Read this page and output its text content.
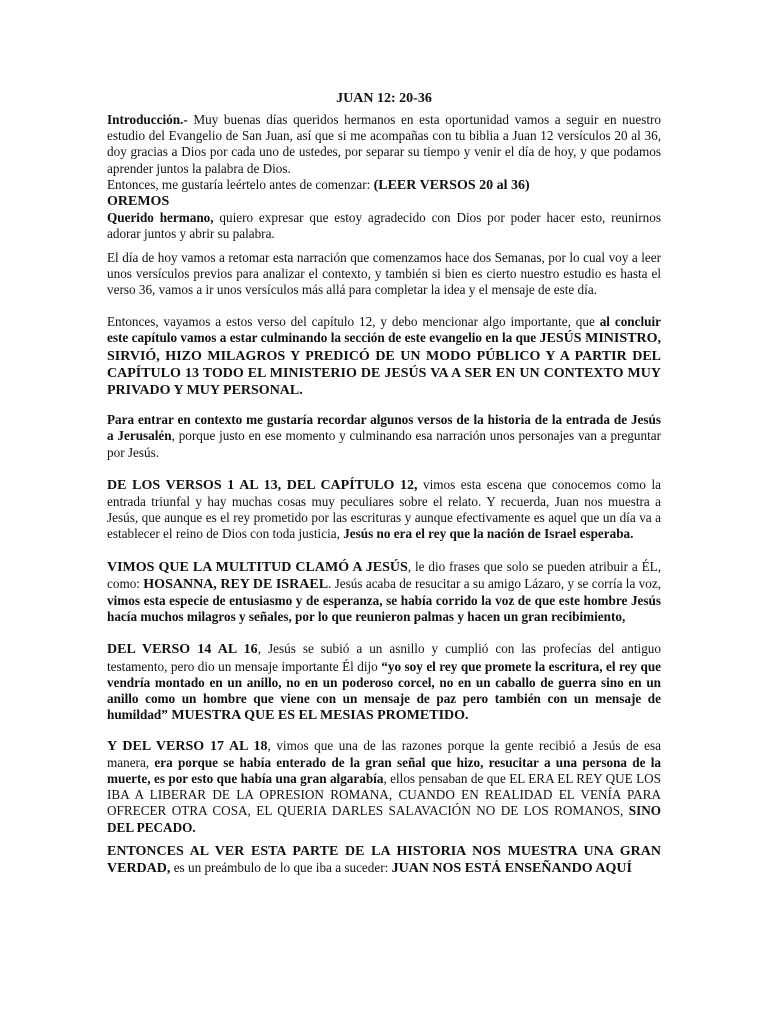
JUAN 12: 20-36

Introducción.- Muy buenas días queridos hermanos en esta oportunidad vamos a seguir en nuestro estudio del Evangelio de San Juan, así que si me acompañas con tu biblia a Juan 12 versículos 20 al 36, doy gracias a Dios por cada uno de ustedes, por separar su tiempo y venir el día de hoy, y que podamos aprender juntos la palabra de Dios.

Entonces, me gustaría leértelo antes de comenzar: (LEER VERSOS 20 al 36)

OREMOS

Querido hermano, quiero expresar que estoy agradecido con Dios por poder hacer esto, reunirnos adorar juntos y abrir su palabra.

El día de hoy vamos a retomar esta narración que comenzamos hace dos Semanas, por lo cual voy a leer unos versículos previos para analizar el contexto, y también si bien es cierto nuestro estudio es hasta el verso 36, vamos a ir unos versículos más allá para completar la idea y el mensaje de este día.

Entonces, vayamos a estos verso del capítulo 12, y debo mencionar algo importante, que al concluir este capítulo vamos a estar culminando la sección de este evangelio en la que JESÚS MINISTRO, SIRVIÓ, HIZO MILAGROS Y PREDICÓ DE UN MODO PÚBLICO Y A PARTIR DEL CAPÍTULO 13 TODO EL MINISTERIO DE JESÚS VA A SER EN UN CONTEXTO MUY PRIVADO Y MUY PERSONAL.

Para entrar en contexto me gustaría recordar algunos versos de la historia de la entrada de Jesús a Jerusalén, porque justo en ese momento y culminando esa narración unos personajes van a preguntar por Jesús.

DE LOS VERSOS 1 AL 13, DEL CAPÍTULO 12, vimos esta escena que conocemos como la entrada triunfal y hay muchas cosas muy peculiares sobre el relato. Y recuerda, Juan nos muestra a Jesús, que aunque es el rey prometido por las escrituras y aunque efectivamente es aquel que un día va a establecer el reino de Dios con toda justicia, Jesús no era el rey que la nación de Israel esperaba.

VIMOS QUE LA MULTITUD CLAMÓ A JESÚS, le dio frases que solo se pueden atribuir a ÉL, como: HOSANNA, REY DE ISRAEL. Jesús acaba de resucitar a su amigo Lázaro, y se corría la voz, vimos esta especie de entusiasmo y de esperanza, se había corrido la voz de que este hombre Jesús hacía muchos milagros y señales, por lo que reunieron palmas y hacen un gran recibimiento,

DEL VERSO 14 AL 16, Jesús se subió a un asnillo y cumplió con las profecías del antiguo testamento, pero dio un mensaje importante Él dijo “yo soy el rey que promete la escritura, el rey que vendría montado en un anillo, no en un poderoso corcel, no en un caballo de guerra sino en un anillo como un hombre que viene con un mensaje de paz pero también con un mensaje de humildad” MUESTRA QUE ES EL MESIAS PROMETIDO.

Y DEL VERSO 17 AL 18, vimos que una de las razones porque la gente recibió a Jesús de esa manera, era porque se había enterado de la gran señal que hizo, resucitar a una persona de la muerte, es por esto que había una gran algarabía, ellos pensaban de que EL ERA EL REY QUE LOS IBA A LIBERAR DE LA OPRESION ROMANA, CUANDO EN REALIDAD EL VENÍA PARA OFRECER OTRA COSA, EL QUERIA DARLES SALAVACIÓN NO DE LOS ROMANOS, SINO DEL PECADO.

ENTONCES AL VER ESTA PARTE DE LA HISTORIA NOS MUESTRA UNA GRAN VERDAD, es un preámbulo de lo que iba a suceder: JUAN NOS ESTÁ ENSEÑANDO AQUÍ
